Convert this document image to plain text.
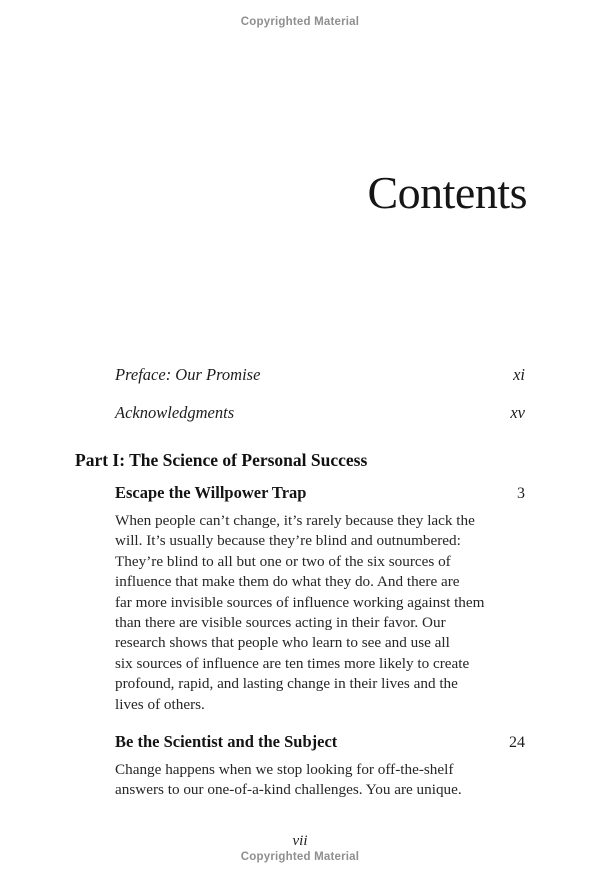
Copyrighted Material
Contents
Preface: Our Promise	xi
Acknowledgments	xv
Part I: The Science of Personal Success
Escape the Willpower Trap	3
When people can’t change, it’s rarely because they lack the
will. It’s usually because they’re blind and outnumbered:
They’re blind to all but one or two of the six sources of
influence that make them do what they do. And there are
far more invisible sources of influence working against them
than there are visible sources acting in their favor. Our
research shows that people who learn to see and use all
six sources of influence are ten times more likely to create
profound, rapid, and lasting change in their lives and the
lives of others.
Be the Scientist and the Subject	24
Change happens when we stop looking for off-the-shelf
answers to our one-of-a-kind challenges. You are unique.
vii
Copyrighted Material
